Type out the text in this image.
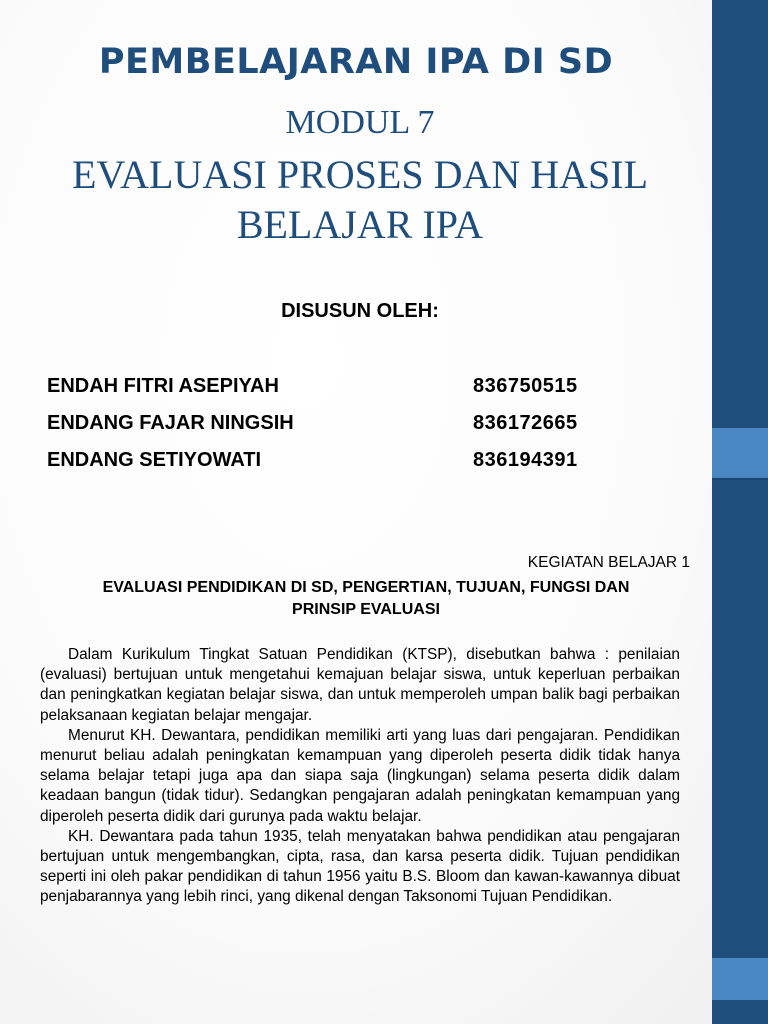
PEMBELAJARAN IPA DI SD
MODUL 7
EVALUASI PROSES DAN HASIL
BELAJAR IPA
DISUSUN OLEH:
ENDAH FITRI ASEPIYAH	836750515
ENDANG FAJAR NINGSIH	836172665
ENDANG SETIYOWATI	836194391
KEGIATAN BELAJAR 1
EVALUASI PENDIDIKAN DI SD, PENGERTIAN, TUJUAN, FUNGSI DAN
PRINSIP EVALUASI

Dalam Kurikulum Tingkat Satuan Pendidikan (KTSP), disebutkan bahwa : penilaian (evaluasi) bertujuan untuk mengetahui kemajuan belajar siswa, untuk keperluan perbaikan dan peningkatkan kegiatan belajar siswa, dan untuk memperoleh umpan balik bagi perbaikan pelaksanaan kegiatan belajar mengajar.

Menurut KH. Dewantara, pendidikan memiliki arti yang luas dari pengajaran. Pendidikan menurut beliau adalah peningkatan kemampuan yang diperoleh peserta didik tidak hanya selama belajar tetapi juga apa dan siapa saja (lingkungan) selama peserta didik dalam keadaan bangun (tidak tidur). Sedangkan pengajaran adalah peningkatan kemampuan yang diperoleh peserta didik dari gurunya pada waktu belajar.

KH. Dewantara pada tahun 1935, telah menyatakan bahwa pendidikan atau pengajaran bertujuan untuk mengembangkan, cipta, rasa, dan karsa peserta didik. Tujuan pendidikan seperti ini oleh pakar pendidikan di tahun 1956 yaitu B.S. Bloom dan kawan-kawannya dibuat penjabarannya yang lebih rinci, yang dikenal dengan Taksonomi Tujuan Pendidikan.
